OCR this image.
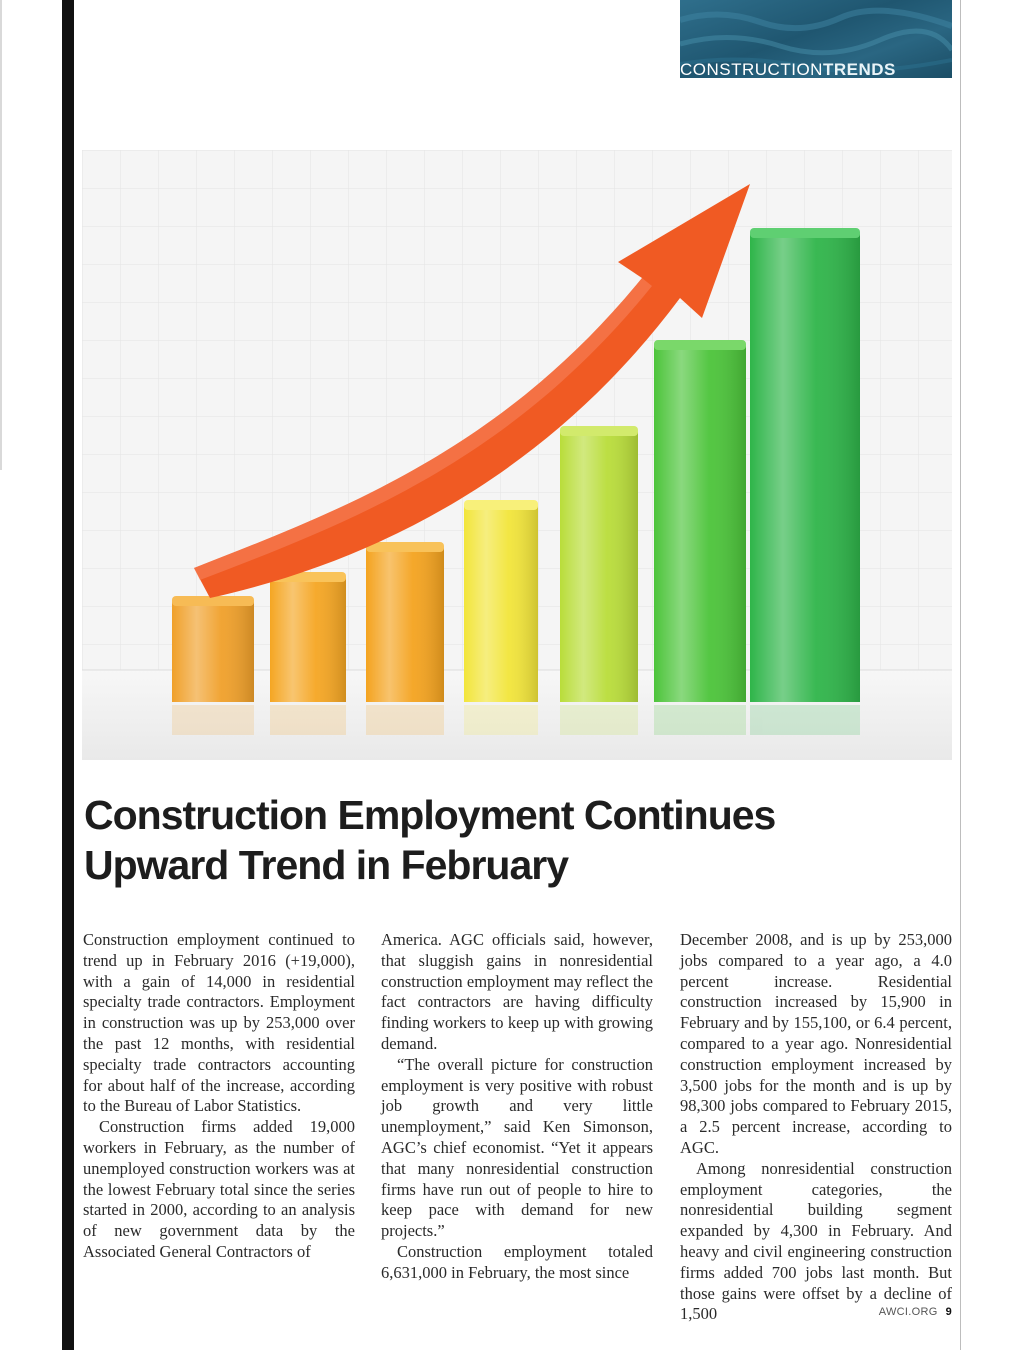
CONSTRUCTIONTRENDS
Construction Employment Continues
Upward Trend in February

Construction employment continued to trend up in February 2016 (+19,000), with a gain of 14,000 in residential specialty trade contractors. Employment in construction was up by 253,000 over the past 12 months, with residential specialty trade contractors accounting for about half of the increase, according to the Bureau of Labor Statistics.

Construction firms added 19,000 workers in February, as the number of unemployed construction workers was at the lowest February total since the series started in 2000, according to an analysis of new government data by the Associated General Contractors of

America. AGC officials said, however, that sluggish gains in nonresidential construction employment may reflect the fact contractors are having difficulty finding workers to keep up with growing demand.

“The overall picture for construction employment is very positive with robust job growth and very little unemployment,” said Ken Simonson, AGC’s chief economist. “Yet it appears that many nonresidential construction firms have run out of people to hire to keep pace with demand for new projects.”

Construction employment totaled 6,631,000 in February, the most since

December 2008, and is up by 253,000 jobs compared to a year ago, a 4.0 percent increase. Residential construction increased by 15,900 in February and by 155,100, or 6.4 percent, compared to a year ago. Nonresidential construction employment increased by 3,500 jobs for the month and is up by 98,300 jobs compared to February 2015, a 2.5 percent increase, according to AGC.

Among nonresidential construction employment categories, the nonresidential building segment expanded by 4,300 in February. And heavy and civil engineering construction firms added 700 jobs last month. But those gains were offset by a decline of 1,500	AWCI.ORG 9
